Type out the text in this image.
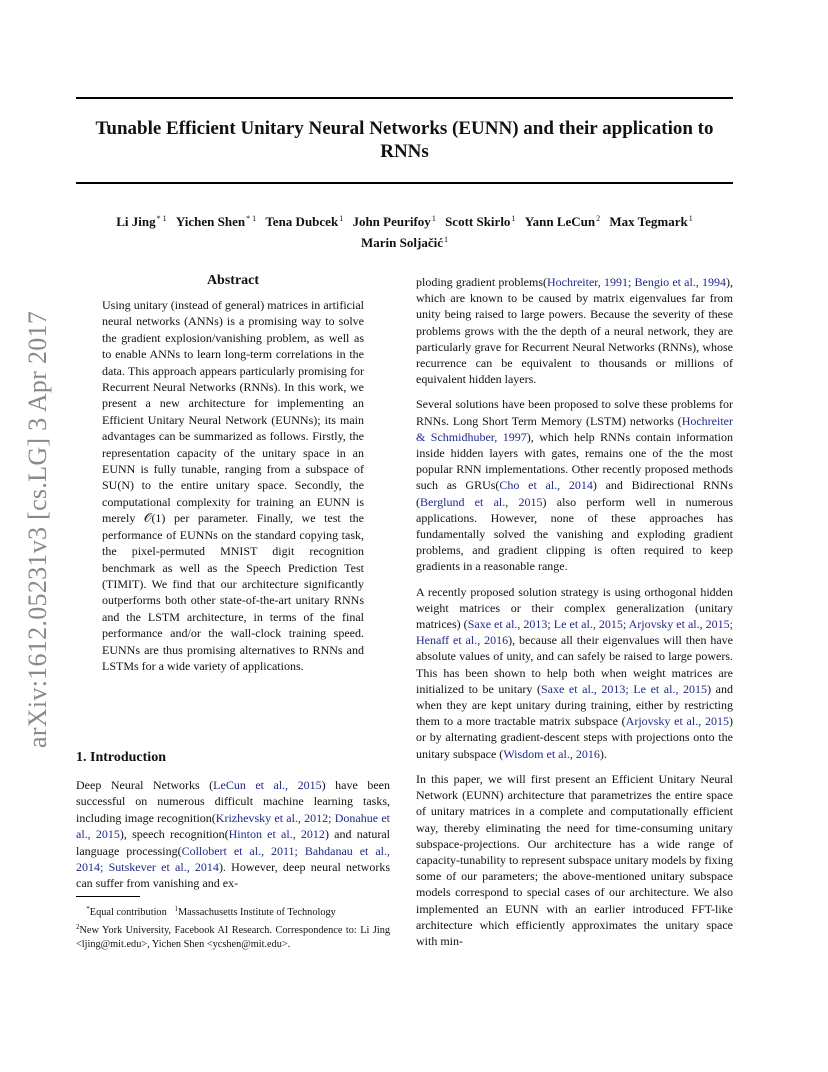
Tunable Efficient Unitary Neural Networks (EUNN) and their application to RNNs
Li Jing$^{* 1}$ Yichen Shen$^{* 1}$ Tena Dubcek$^1$ John Peurifoy$^1$ Scott Skirlo$^1$ Yann LeCun$^2$ Max Tegmark$^1$
Marin Soljačić$^1$
arXiv:1612.05231v3 [cs.LG] 3 Apr 2017
Abstract
Using unitary (instead of general) matrices in artificial neural networks (ANNs) is a promising way to solve the gradient explosion/vanishing problem, as well as to enable ANNs to learn long-term correlations in the data. This approach appears particularly promising for Recurrent Neural Networks (RNNs). In this work, we present a new architecture for implementing an Efficient Unitary Neural Network (EUNNs); its main advantages can be summarized as follows. Firstly, the representation capacity of the unitary space in an EUNN is fully tunable, ranging from a subspace of SU(N) to the entire unitary space. Secondly, the computational complexity for training an EUNN is merely 𝒪(1) per parameter. Finally, we test the performance of EUNNs on the standard copying task, the pixel-permuted MNIST digit recognition benchmark as well as the Speech Prediction Test (TIMIT). We find that our architecture significantly outperforms both other state-of-the-art unitary RNNs and the LSTM architecture, in terms of the final performance and/or the wall-clock training speed. EUNNs are thus promising alternatives to RNNs and LSTMs for a wide variety of applications.
1. Introduction

Deep Neural Networks (LeCun et al., 2015) have been successful on numerous difficult machine learning tasks, including image recognition(Krizhevsky et al., 2012; Donahue et al., 2015), speech recognition(Hinton et al., 2012) and natural language processing(Collobert et al., 2011; Bahdanau et al., 2014; Sutskever et al., 2014). However, deep neural networks can suffer from vanishing and ex-

*Equal contribution $^1$Massachusetts Institute of Technology
$^2$New York University, Facebook AI Research. Correspondence to: Li Jing <ljing@mit.edu>, Yichen Shen <ycshen@mit.edu>.

ploding gradient problems(Hochreiter, 1991; Bengio et al., 1994), which are known to be caused by matrix eigenvalues far from unity being raised to large powers. Because the severity of these problems grows with the the depth of a neural network, they are particularly grave for Recurrent Neural Networks (RNNs), whose recurrence can be equivalent to thousands or millions of equivalent hidden layers.

Several solutions have been proposed to solve these problems for RNNs. Long Short Term Memory (LSTM) networks (Hochreiter & Schmidhuber, 1997), which help RNNs contain information inside hidden layers with gates, remains one of the the most popular RNN implementations. Other recently proposed methods such as GRUs(Cho et al., 2014) and Bidirectional RNNs (Berglund et al., 2015) also perform well in numerous applications. However, none of these approaches has fundamentally solved the vanishing and exploding gradient problems, and gradient clipping is often required to keep gradients in a reasonable range.

A recently proposed solution strategy is using orthogonal hidden weight matrices or their complex generalization (unitary matrices) (Saxe et al., 2013; Le et al., 2015; Arjovsky et al., 2015; Henaff et al., 2016), because all their eigenvalues will then have absolute values of unity, and can safely be raised to large powers. This has been shown to help both when weight matrices are initialized to be unitary (Saxe et al., 2013; Le et al., 2015) and when they are kept unitary during training, either by restricting them to a more tractable matrix subspace (Arjovsky et al., 2015) or by alternating gradient-descent steps with projections onto the unitary subspace (Wisdom et al., 2016).

In this paper, we will first present an Efficient Unitary Neural Network (EUNN) architecture that parametrizes the entire space of unitary matrices in a complete and computationally efficient way, thereby eliminating the need for time-consuming unitary subspace-projections. Our architecture has a wide range of capacity-tunability to represent subspace unitary models by fixing some of our parameters; the above-mentioned unitary subspace models correspond to special cases of our architecture. We also implemented an EUNN with an earlier introduced FFT-like architecture which efficiently approximates the unitary space with min-
